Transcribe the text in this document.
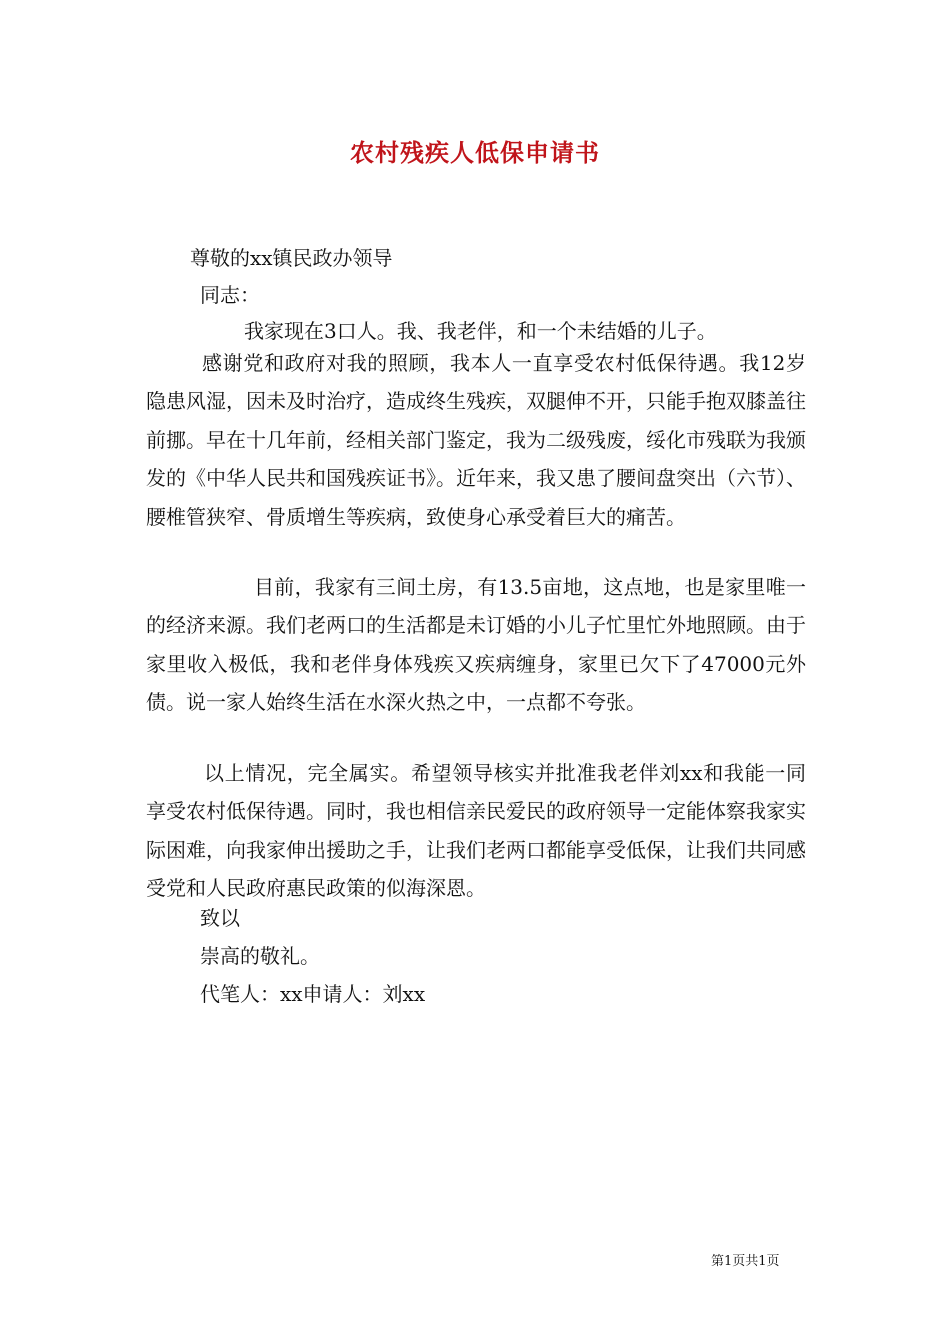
农村残疾人低保申请书
尊敬的xx镇民政办领导
同志：
我家现在3口人。我、我老伴，和一个未结婚的儿子。
感谢党和政府对我的照顾，我本人一直享受农村低保待遇。我12岁隐患风湿，因未及时治疗，造成终生残疾，双腿伸不开，只能手抱双膝盖往前挪。早在十几年前，经相关部门鉴定，我为二级残废，绥化市残联为我颁发的《中华人民共和国残疾证书》。近年来，我又患了腰间盘突出（六节）、腰椎管狭窄、骨质增生等疾病，致使身心承受着巨大的痛苦。
目前，我家有三间土房，有13.5亩地，这点地，也是家里唯一的经济来源。我们老两口的生活都是未订婚的小儿子忙里忙外地照顾。由于家里收入极低，我和老伴身体残疾又疾病缠身，家里已欠下了47000元外债。说一家人始终生活在水深火热之中，一点都不夸张。
以上情况，完全属实。希望领导核实并批准我老伴刘xx和我能一同享受农村低保待遇。同时，我也相信亲民爱民的政府领导一定能体察我家实际困难，向我家伸出援助之手，让我们老两口都能享受低保，让我们共同感受党和人民政府惠民政策的似海深恩。
致以
崇高的敬礼。
代笔人：xx申请人：刘xx
第1页共1页
